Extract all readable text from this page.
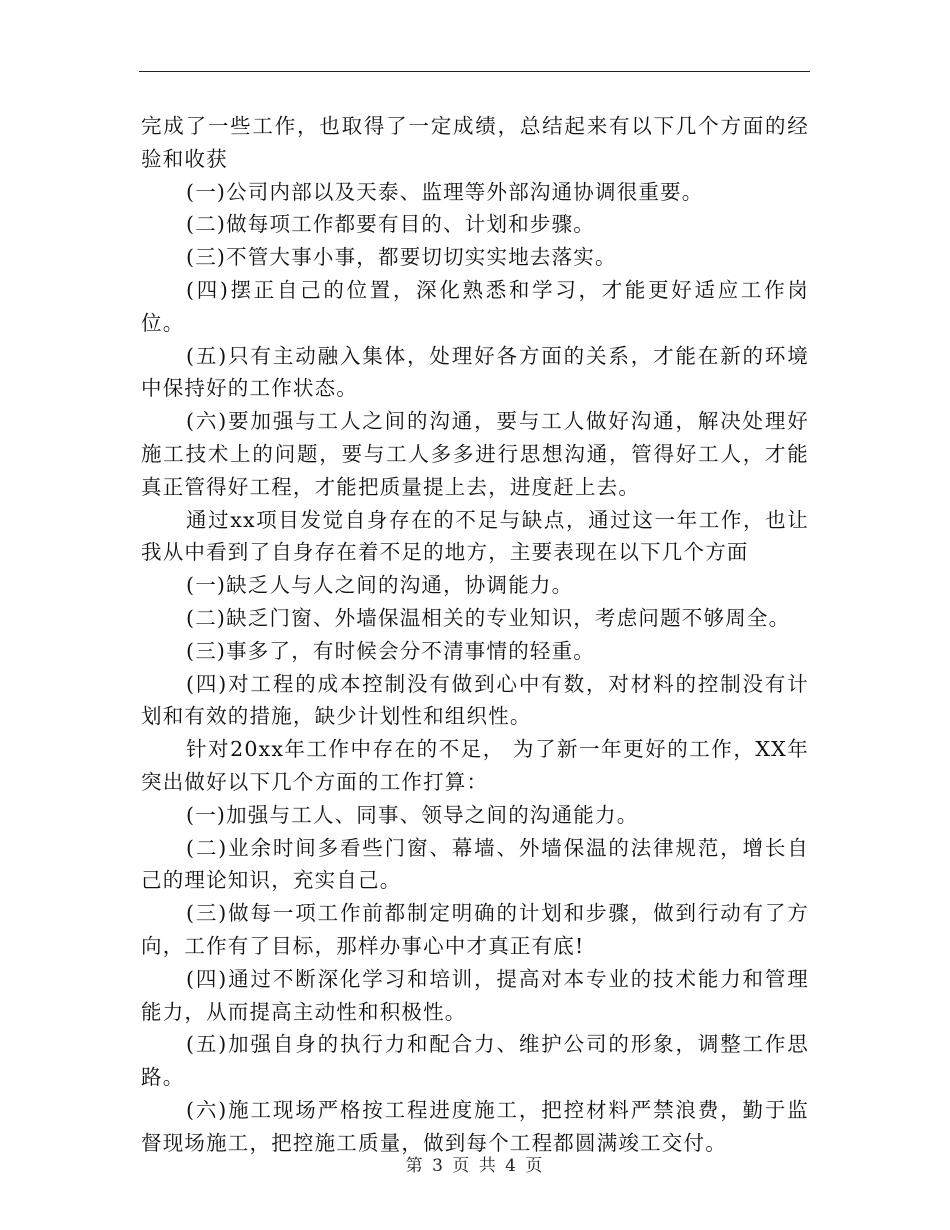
完成了一些工作，也取得了一定成绩，总结起来有以下几个方面的经验和收获

(一)公司内部以及天泰、监理等外部沟通协调很重要。

(二)做每项工作都要有目的、计划和步骤。

(三)不管大事小事，都要切切实实地去落实。

(四)摆正自己的位置，深化熟悉和学习，才能更好适应工作岗位。

(五)只有主动融入集体，处理好各方面的关系，才能在新的环境中保持好的工作状态。

(六)要加强与工人之间的沟通，要与工人做好沟通，解决处理好施工技术上的问题，要与工人多多进行思想沟通，管得好工人，才能真正管得好工程，才能把质量提上去，进度赶上去。

通过xx项目发觉自身存在的不足与缺点，通过这一年工作，也让我从中看到了自身存在着不足的地方，主要表现在以下几个方面

(一)缺乏人与人之间的沟通，协调能力。

(二)缺乏门窗、外墙保温相关的专业知识，考虑问题不够周全。

(三)事多了，有时候会分不清事情的轻重。

(四)对工程的成本控制没有做到心中有数，对材料的控制没有计划和有效的措施，缺少计划性和组织性。

针对20xx年工作中存在的不足， 为了新一年更好的工作，XX年突出做好以下几个方面的工作打算：

(一)加强与工人、同事、领导之间的沟通能力。

(二)业余时间多看些门窗、幕墙、外墙保温的法律规范，增长自己的理论知识，充实自己。

(三)做每一项工作前都制定明确的计划和步骤，做到行动有了方向，工作有了目标，那样办事心中才真正有底!

(四)通过不断深化学习和培训，提高对本专业的技术能力和管理能力，从而提高主动性和积极性。

(五)加强自身的执行力和配合力、维护公司的形象，调整工作思路。

(六)施工现场严格按工程进度施工，把控材料严禁浪费，勤于监督现场施工，把控施工质量，做到每个工程都圆满竣工交付。

第 3 页 共 4 页
